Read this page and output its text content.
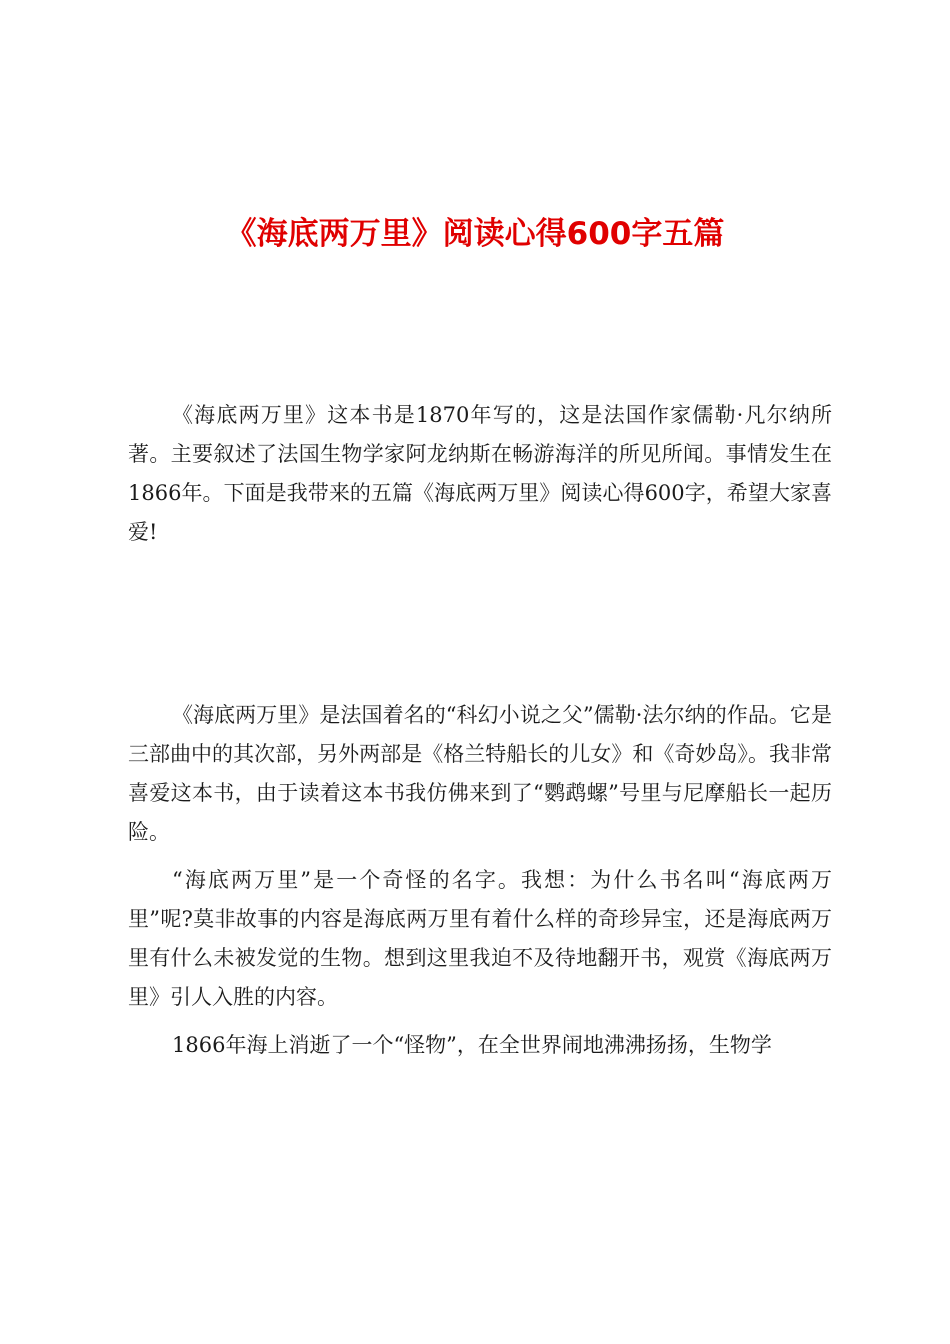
《海底两万里》阅读心得600字五篇

《海底两万里》这本书是1870年写的，这是法国作家儒勒·凡尔纳所著。主要叙述了法国生物学家阿龙纳斯在畅游海洋的所见所闻。事情发生在1866年。下面是我带来的五篇《海底两万里》阅读心得600字，希望大家喜爱!

《海底两万里》是法国着名的“科幻小说之父”儒勒·法尔纳的作品。它是三部曲中的其次部，另外两部是《格兰特船长的儿女》和《奇妙岛》。我非常喜爱这本书，由于读着这本书我仿佛来到了“鹦鹉螺”号里与尼摩船长一起历险。

“海底两万里”是一个奇怪的名字。我想：为什么书名叫“海底两万里”呢?莫非故事的内容是海底两万里有着什么样的奇珍异宝，还是海底两万里有什么未被发觉的生物。想到这里我迫不及待地翻开书，观赏《海底两万里》引人入胜的内容。

1866年海上消逝了一个“怪物”，在全世界闹地沸沸扬扬，生物学
